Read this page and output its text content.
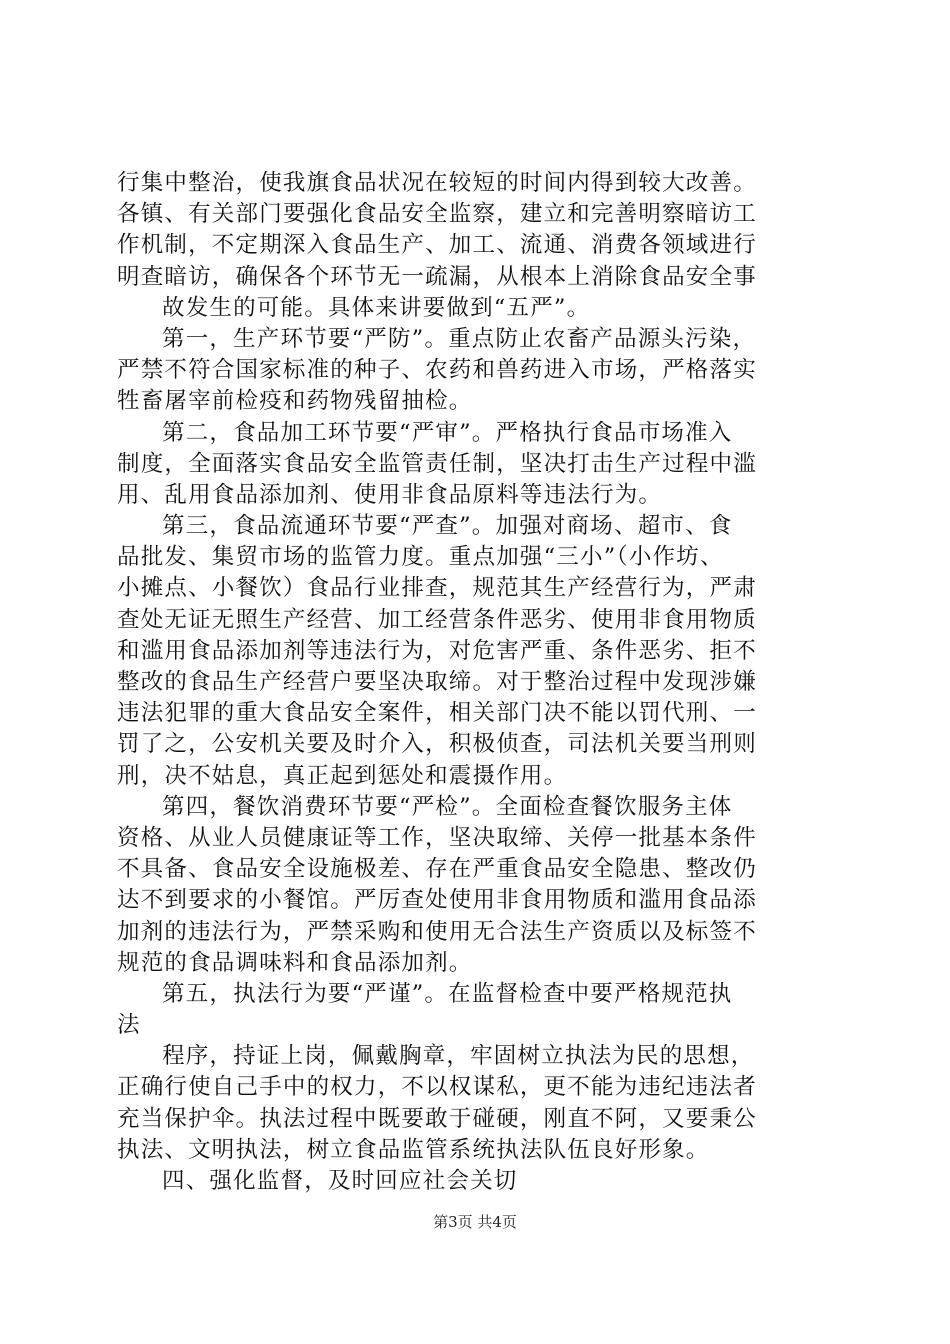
行集中整治，使我旗食品状况在较短的时间内得到较大改善。
各镇、有关部门要强化食品安全监察，建立和完善明察暗访工
作机制，不定期深入食品生产、加工、流通、消费各领域进行
明查暗访，确保各个环节无一疏漏，从根本上消除食品安全事
故发生的可能。具体来讲要做到“五严”。
第一，生产环节要“严防”。重点防止农畜产品源头污染，
严禁不符合国家标准的种子、农药和兽药进入市场，严格落实
牲畜屠宰前检疫和药物残留抽检。
第二，食品加工环节要“严审”。严格执行食品市场准入
制度，全面落实食品安全监管责任制，坚决打击生产过程中滥
用、乱用食品添加剂、使用非食品原料等违法行为。
第三，食品流通环节要“严查”。加强对商场、超市、食
品批发、集贸市场的监管力度。重点加强“三小”（小作坊、
小摊点、小餐饮）食品行业排查，规范其生产经营行为，严肃
查处无证无照生产经营、加工经营条件恶劣、使用非食用物质
和滥用食品添加剂等违法行为，对危害严重、条件恶劣、拒不
整改的食品生产经营户要坚决取缔。对于整治过程中发现涉嫌
违法犯罪的重大食品安全案件，相关部门决不能以罚代刑、一
罚了之，公安机关要及时介入，积极侦查，司法机关要当刑则
刑，决不姑息，真正起到惩处和震摄作用。
第四，餐饮消费环节要“严检”。全面检查餐饮服务主体
资格、从业人员健康证等工作，坚决取缔、关停一批基本条件
不具备、食品安全设施极差、存在严重食品安全隐患、整改仍
达不到要求的小餐馆。严厉查处使用非食用物质和滥用食品添
加剂的违法行为，严禁采购和使用无合法生产资质以及标签不
规范的食品调味料和食品添加剂。
第五，执法行为要“严谨”。在监督检查中要严格规范执
法
程序，持证上岗，佩戴胸章，牢固树立执法为民的思想，
正确行使自己手中的权力，不以权谋私，更不能为违纪违法者
充当保护伞。执法过程中既要敢于碰硬，刚直不阿，又要秉公
执法、文明执法，树立食品监管系统执法队伍良好形象。
四、强化监督，及时回应社会关切
第3页 共4页
